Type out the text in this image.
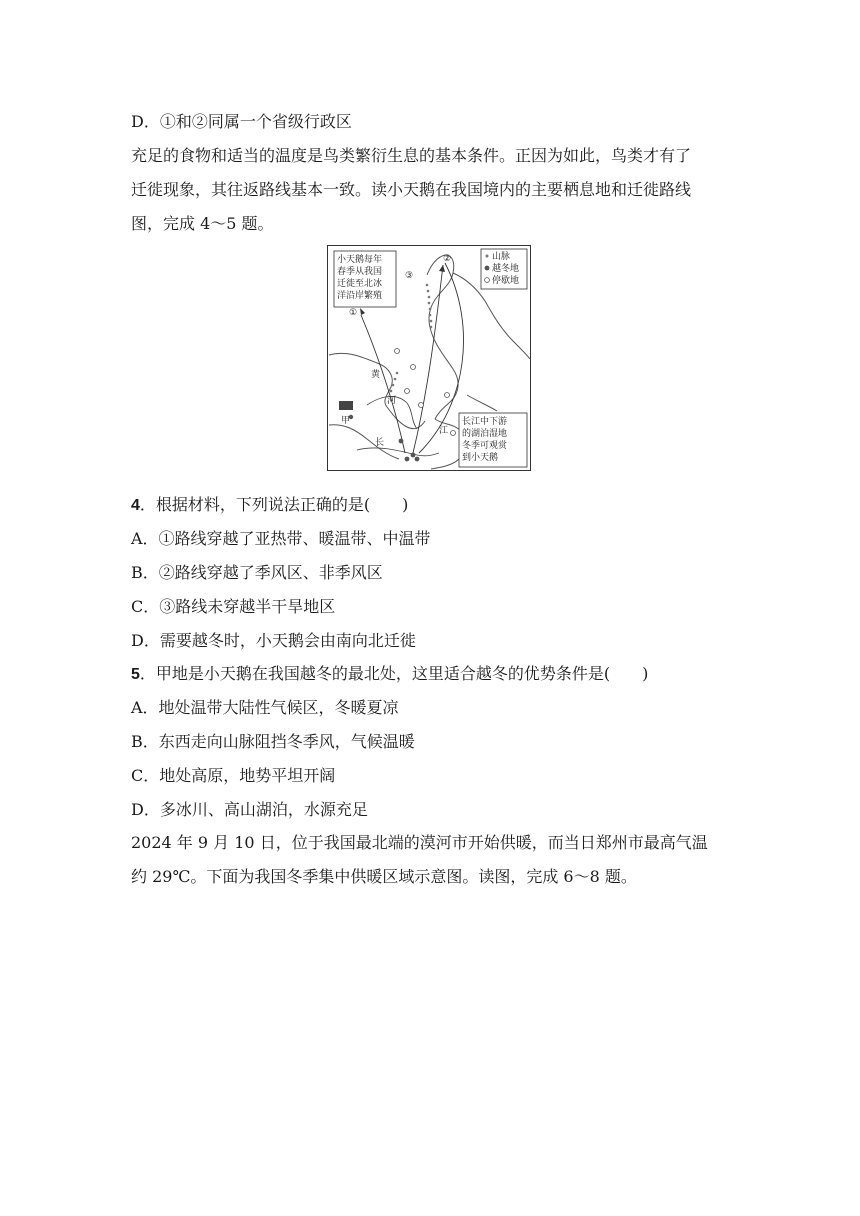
D．①和②同属一个省级行政区
充足的食物和适当的温度是鸟类繁衍生息的基本条件。正因为如此，鸟类才有了
迁徙现象，其往返路线基本一致。读小天鹅在我国境内的主要栖息地和迁徙路线
图，完成 4～5 题。
小天鹅每年
春季从我国
迁徙至北冰
洋沿岸繁殖
山脉
越冬地
停歇地
长江中下游
的湖泊湿地
冬季可观赏
到小天鹅
①
②
③
黄
河
长
江
甲
4．根据材料，下列说法正确的是(　　)
A．①路线穿越了亚热带、暖温带、中温带
B．②路线穿越了季风区、非季风区
C．③路线未穿越半干旱地区
D．需要越冬时，小天鹅会由南向北迁徙
5．甲地是小天鹅在我国越冬的最北处，这里适合越冬的优势条件是(　　)
A．地处温带大陆性气候区，冬暖夏凉
B．东西走向山脉阻挡冬季风，气候温暖
C．地处高原，地势平坦开阔
D．多冰川、高山湖泊，水源充足
2024 年 9 月 10 日，位于我国最北端的漠河市开始供暖，而当日郑州市最高气温
约 29℃。下面为我国冬季集中供暖区域示意图。读图，完成 6～8 题。
